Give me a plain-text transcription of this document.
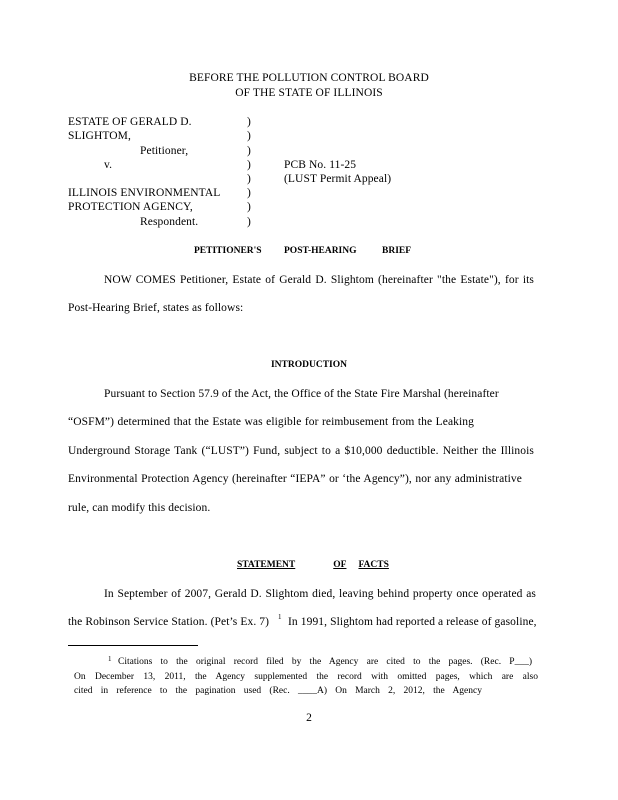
BEFORE THE POLLUTION CONTROL BOARD
OF THE STATE OF ILLINOIS
ESTATE OF GERALD D.
SLIGHTOM,
Petitioner,
v.
ILLINOIS ENVIRONMENTAL
PROTECTION AGENCY,
Respondent.
)
)
)
)
)
)
)
)
PCB No. 11-25
(LUST Permit Appeal)
PETITIONER'S POST-HEARING	BRIEF
NOW COMES Petitioner, Estate of Gerald D. Slightom (hereinafter "the Estate"), for its
Post-Hearing Brief, states as follows:
INTRODUCTION
Pursuant to Section 57.9 of the Act, the Office of the State Fire Marshal (hereinafter
“OSFM”) determined that the Estate was eligible for reimbusement from the Leaking
Underground Storage Tank (“LUST”) Fund, subject to a $10,000 deductible. Neither the Illinois
Environmental Protection Agency (hereinafter “IEPA” or ‘the Agency”), nor any administrative
rule, can modify this decision.
STATEMENT	OF FACTS
In September of 2007, Gerald D. Slightom died, leaving behind property once operated as
the Robinson Service Station. (Pet’s Ex. 7) 1 In 1991, Slightom had reported a release of gasoline,
1 Citations to the original record filed by the Agency are cited to the pages. (Rec. P___)
On December 13, 2011, the Agency supplemented the record with omitted pages, which are also
cited in reference to the pagination used (Rec. ____A) On March 2, 2012, the Agency
2
